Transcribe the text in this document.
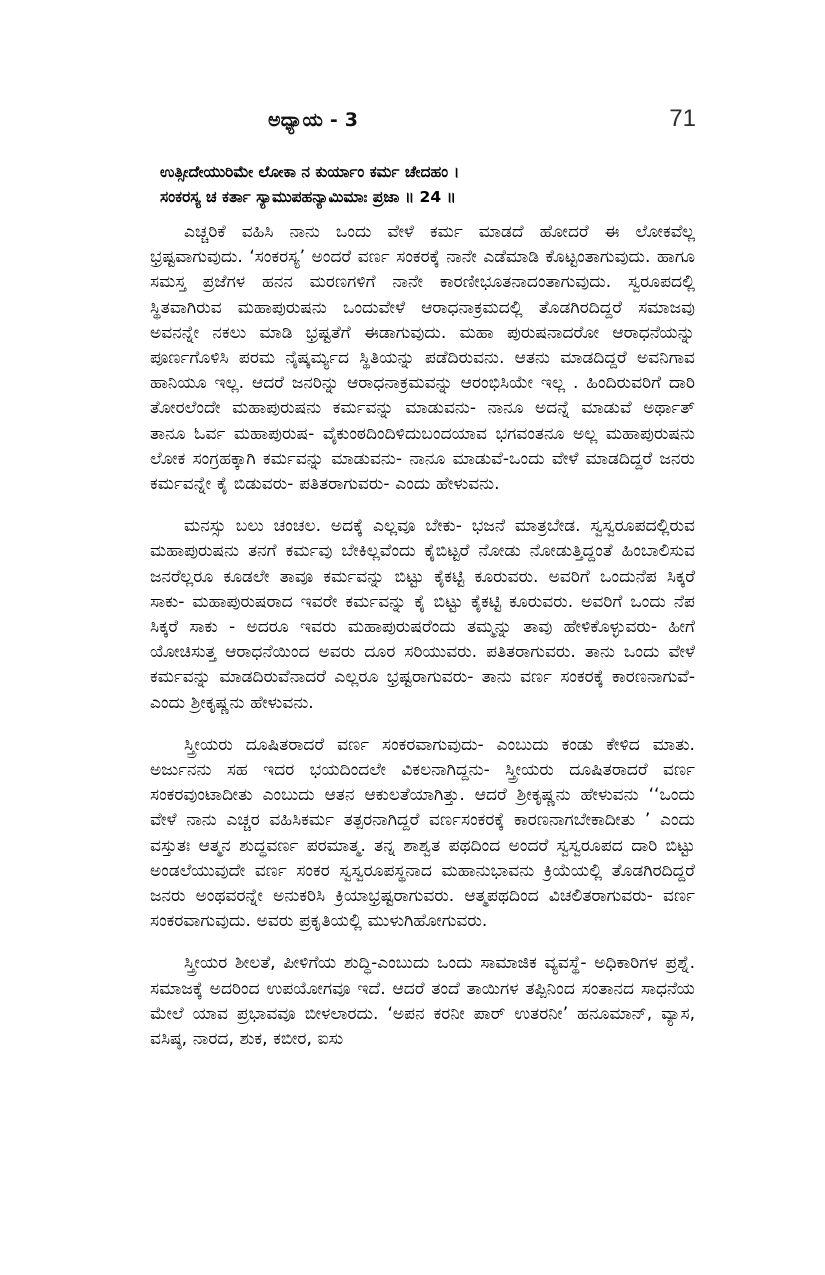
ಅಧ್ಯಾಯ - 3	71
ಉತ್ಸೀದೇಯುರಿಮೇ ಲೋಕಾ ನ ಕುರ್ಯಾಂ ಕರ್ಮ ಚೇದಹಂ ।
ಸಂಕರಸ್ಯ ಚ ಕರ್ತಾ ಸ್ಯಾಮುಪಹನ್ಯಾಮಿಮಾಃ ಪ್ರಜಾ ॥ 24 ॥

ಎಚ್ಚರಿಕೆ ವಹಿಸಿ ನಾನು ಒಂದು ವೇಳೆ ಕರ್ಮ ಮಾಡದೆ ಹೋದರೆ ಈ ಲೋಕವೆಲ್ಲ ಭ್ರಷ್ಟವಾಗುವುದು. ‘ಸಂಕರಸ್ಯ’ ಅಂದರೆ ವರ್ಣ ಸಂಕರಕ್ಕೆ ನಾನೇ ಎಡೆಮಾಡಿ ಕೊಟ್ಟಂತಾಗುವುದು. ಹಾಗೂ ಸಮಸ್ತ ಪ್ರಜೆಗಳ ಹನನ ಮರಣಗಳಿಗೆ ನಾನೇ ಕಾರಣೀಭೂತನಾದಂತಾಗುವುದು. ಸ್ವರೂಪದಲ್ಲಿ ಸ್ಥಿತವಾಗಿರುವ ಮಹಾಪುರುಷನು ಒಂದುವೇಳೆ ಆರಾಧನಾಕ್ರಮದಲ್ಲಿ ತೊಡಗಿರದಿದ್ದರೆ ಸಮಾಜವು ಅವನನ್ನೇ ನಕಲು ಮಾಡಿ ಭ್ರಷ್ಟತೆಗೆ ಈಡಾಗುವುದು. ಮಹಾ ಪುರುಷನಾದರೋ ಆರಾಧನೆಯನ್ನು ಪೂರ್ಣಗೊಳಿಸಿ ಪರಮ ನೈಷ್ಕರ್ಮ್ಯದ ಸ್ಥಿತಿಯನ್ನು ಪಡೆದಿರುವನು. ಆತನು ಮಾಡದಿದ್ದರೆ ಅವನಿಗಾವ ಹಾನಿಯೂ ಇಲ್ಲ. ಆದರೆ ಜನರಿನ್ನು ಆರಾಧನಾಕ್ರಮವನ್ನು ಆರಂಭಿಸಿಯೇ ಇಲ್ಲ . ಹಿಂದಿರುವರಿಗೆ ದಾರಿ ತೋರಲೆಂದೇ ಮಹಾಪುರುಷನು ಕರ್ಮವನ್ನು ಮಾಡುವನು- ನಾನೂ ಅದನ್ನೆ ಮಾಡುವೆ ಅರ್ಥಾತ್ ತಾನೂ ಓರ್ವ ಮಹಾಪುರುಷ- ವೈಕುಂಠದಿಂದಿಳಿದುಬಂದಯಾವ ಭಗವಂತನೂ ಅಲ್ಲ ಮಹಾಪುರುಷನು ಲೋಕ ಸಂಗ್ರಹಕ್ಕಾಗಿ ಕರ್ಮವನ್ನು ಮಾಡುವನು- ನಾನೂ ಮಾಡುವೆ-ಒಂದು ವೇಳೆ ಮಾಡದಿದ್ದರೆ ಜನರು ಕರ್ಮವನ್ನೇ ಕೈ ಬಿಡುವರು- ಪತಿತರಾಗುವರು- ಎಂದು ಹೇಳುವನು.

ಮನಸ್ಸು ಬಲು ಚಂಚಲ. ಅದಕ್ಕೆ ಎಲ್ಲವೂ ಬೇಕು- ಭಜನೆ ಮಾತ್ರಬೇಡ. ಸ್ವಸ್ವರೂಪದಲ್ಲಿರುವ ಮಹಾಪುರುಷನು ತನಗೆ ಕರ್ಮವು ಬೇಕಿಲ್ಲವೆಂದು ಕೈಬಿಟ್ಟರೆ ನೋಡು ನೋಡುತ್ತಿದ್ದಂತೆ ಹಿಂಬಾಲಿಸುವ ಜನರೆಲ್ಲರೂ ಕೂಡಲೇ ತಾವೂ ಕರ್ಮವನ್ನು ಬಿಟ್ಟು ಕೈಕಟ್ಟಿ ಕೂರುವರು. ಅವರಿಗೆ ಒಂದುನೆಪ ಸಿಕ್ಕರೆ ಸಾಕು- ಮಹಾಪುರುಷರಾದ ಇವರೇ ಕರ್ಮವನ್ನು ಕೈ ಬಿಟ್ಟು ಕೈಕಟ್ಟಿ ಕೂರುವರು. ಅವರಿಗೆ ಒಂದು ನೆಪ ಸಿಕ್ಕರೆ ಸಾಕು - ಅದರೂ ಇವರು ಮಹಾಪುರುಷರೆಂದು ತಮ್ಮನ್ನು ತಾವು ಹೇಳಿಕೊಳ್ಳುವರು- ಹೀಗೆ ಯೋಚಿಸುತ್ತ ಆರಾಧನೆಯಿಂದ ಅವರು ದೂರ ಸರಿಯುವರು. ಪತಿತರಾಗುವರು. ತಾನು ಒಂದು ವೇಳೆ ಕರ್ಮವನ್ನು ಮಾಡದಿರುವೆನಾದರೆ ಎಲ್ಲರೂ ಭ್ರಷ್ಟರಾಗುವರು- ತಾನು ವರ್ಣ ಸಂಕರಕ್ಕೆ ಕಾರಣನಾಗುವೆ- ಎಂದು ಶ್ರೀಕೃಷ್ಣನು ಹೇಳುವನು.

ಸ್ತ್ರೀಯರು ದೂಷಿತರಾದರೆ ವರ್ಣ ಸಂಕರವಾಗುವುದು- ಎಂಬುದು ಕಂಡು ಕೇಳಿದ ಮಾತು. ಅರ್ಜುನನು ಸಹ ಇದರ ಭಯದಿಂದಲೇ ವಿಕಲನಾಗಿದ್ದನು- ಸ್ತ್ರೀಯರು ದೂಷಿತರಾದರೆ ವರ್ಣ ಸಂಕರವುಂಟಾದೀತು ಎಂಬುದು ಆತನ ಆಕುಲತೆಯಾಗಿತ್ತು. ಆದರೆ ಶ್ರೀಕೃಷ್ಣನು ಹೇಳುವನು ‘‘ಒಂದು ವೇಳೆ ನಾನು ಎಚ್ಚರ ವಹಿಸಿಕರ್ಮ ತತ್ಪರನಾಗಿದ್ದರೆ ವರ್ಣಸಂಕರಕ್ಕೆ ಕಾರಣನಾಗಬೇಕಾದೀತು ’ ಎಂದು ವಸ್ತುತಃ ಆತ್ಮನ ಶುದ್ಧವರ್ಣ ಪರಮಾತ್ಮ. ತನ್ನ ಶಾಶ್ವತ ಪಥದಿಂದ ಅಂದರೆ ಸ್ವಸ್ವರೂಪದ ದಾರಿ ಬಿಟ್ಟು ಅಂಡಲೆಯುವುದೇ ವರ್ಣ ಸಂಕರ ಸ್ವಸ್ವರೂಪಸ್ಥನಾದ ಮಹಾನುಭಾವನು ಕ್ರಿಯೆಯಲ್ಲಿ ತೊಡಗಿರದಿದ್ದರೆ ಜನರು ಅಂಥವರನ್ನೇ ಅನುಕರಿಸಿ ಕ್ರಿಯಾಭ್ರಷ್ಟರಾಗುವರು. ಆತ್ಮಪಥದಿಂದ ವಿಚಲಿತರಾಗುವರು- ವರ್ಣ ಸಂಕರವಾಗುವುದು. ಅವರು ಪ್ರಕೃತಿಯಲ್ಲಿ ಮುಳುಗಿಹೋಗುವರು.

ಸ್ತ್ರೀಯರ ಶೀಲತೆ, ಪೀಳಿಗೆಯ ಶುದ್ಧಿ-ಎಂಬುದು ಒಂದು ಸಾಮಾಜಿಕ ವ್ಯವಸ್ಥೆ- ಅಧಿಕಾರಿಗಳ ಪ್ರಶ್ನೆ. ಸಮಾಜಕ್ಕೆ ಅದರಿಂದ ಉಪಯೋಗವೂ ಇದೆ. ಆದರೆ ತಂದೆ ತಾಯಿಗಳ ತಪ್ಪಿನಿಂದ ಸಂತಾನದ ಸಾಧನೆಯ ಮೇಲೆ ಯಾವ ಪ್ರಭಾವವೂ ಬೀಳಲಾರದು. ‘ಅಪನ ಕರನೀ ಪಾರ್ ಉತರನೀ’ ಹನೂಮಾನ್, ವ್ಯಾಸ, ವಸಿಷ್ಠ, ನಾರದ, ಶುಕ, ಕಬೀರ, ಐಸು
